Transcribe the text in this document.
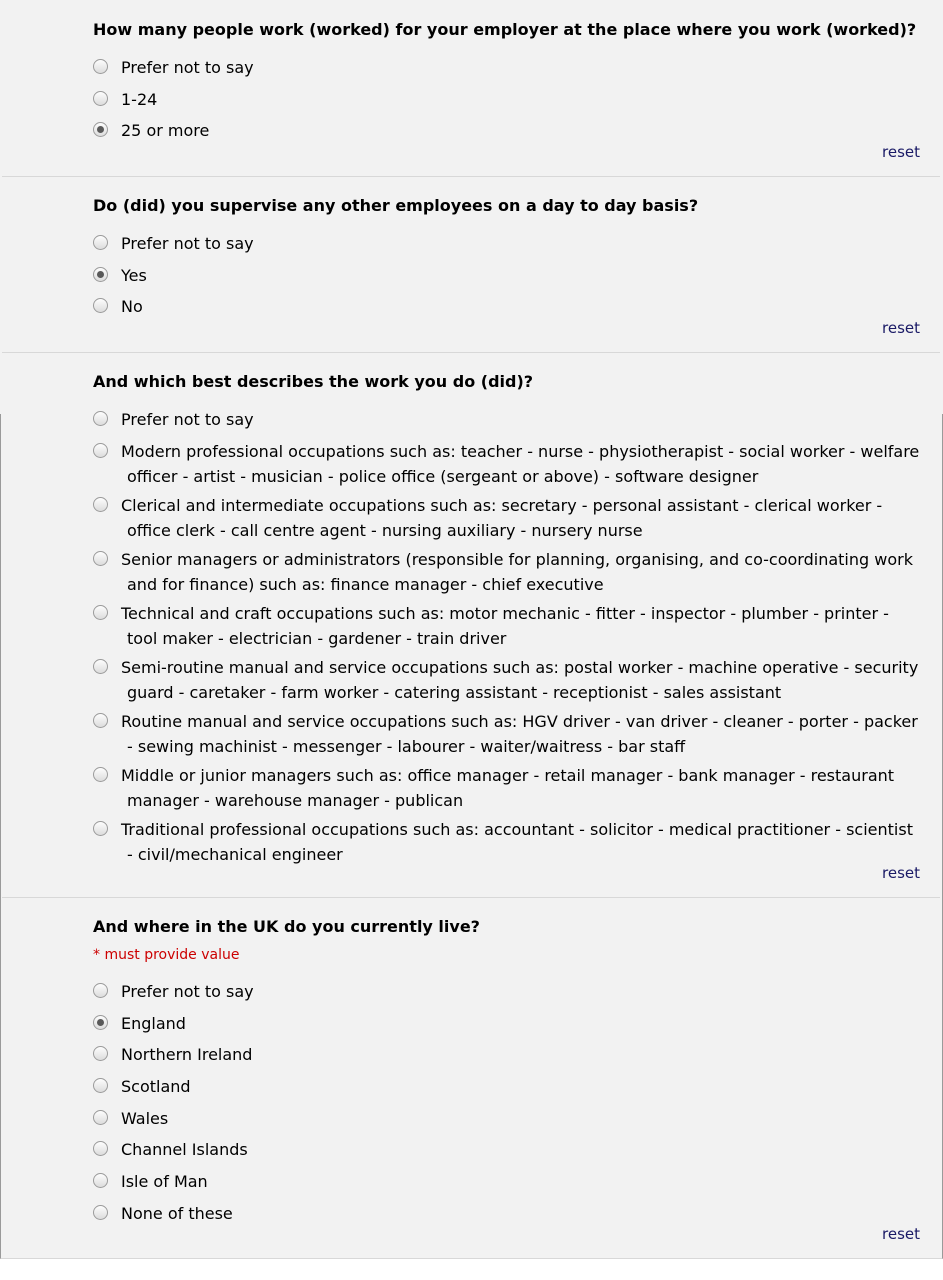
How many people work (worked) for your employer at the place where you work (worked)?
Prefer not to say
1-24
25 or more
reset
Do (did) you supervise any other employees on a day to day basis?
Prefer not to say
Yes
No
reset
And which best describes the work you do (did)?
Prefer not to say
Modern professional occupations such as: teacher - nurse - physiotherapist - social worker - welfare officer - artist - musician - police office (sergeant or above) - software designer
Clerical and intermediate occupations such as: secretary - personal assistant - clerical worker - office clerk - call centre agent - nursing auxiliary - nursery nurse
Senior managers or administrators (responsible for planning, organising, and co-coordinating work and for finance) such as: finance manager - chief executive
Technical and craft occupations such as: motor mechanic - fitter - inspector - plumber - printer - tool maker - electrician - gardener - train driver
Semi-routine manual and service occupations such as: postal worker - machine operative - security guard - caretaker - farm worker - catering assistant - receptionist - sales assistant
Routine manual and service occupations such as: HGV driver - van driver - cleaner - porter - packer - sewing machinist - messenger - labourer - waiter/waitress - bar staff
Middle or junior managers such as: office manager - retail manager - bank manager - restaurant manager - warehouse manager - publican
Traditional professional occupations such as: accountant - solicitor - medical practitioner - scientist - civil/mechanical engineer
reset
And where in the UK do you currently live?
* must provide value
Prefer not to say
England
Northern Ireland
Scotland
Wales
Channel Islands
Isle of Man
None of these
reset
